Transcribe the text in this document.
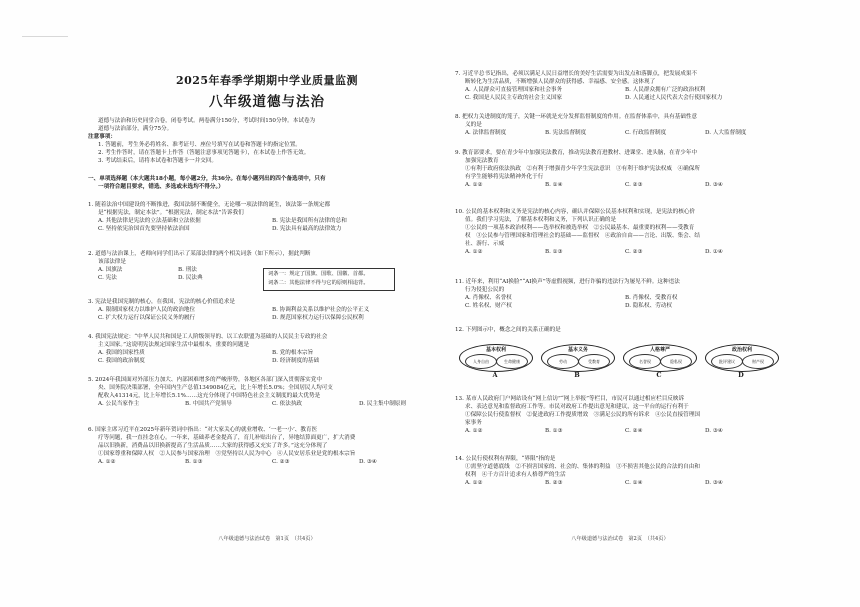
2025年春季学期期中学业质量监测
八年级道德与法治
道德与法治和历史同堂合卷，闭卷考试。两卷满分150分，考试时间150分钟。本试卷为
道德与法治部分，满分75分。
注意事项：
1. 答题前，考生务必将姓名、准考证号、座位号填写在试卷和答题卡的指定位置。
2. 考生作答时，请在答题卡上作答（答题注意事项见答题卡），在本试卷上作答无效。
3. 考试结束后，请将本试卷和答题卡一并交回。
一、单项选择题（本大题共18小题，每小题2分，共36分。在每小题列出的四个备选项中，只有
一项符合题目要求，错选、多选或未选均不得分。）
1. 随着法治中国建设的不断推进，我国法制不断健全，无论哪一项法律的诞生，该法第一条规定都
是“根据宪法，制定本法”。“根据宪法，制定本法”告诉我们
A. 其他法律是宪法的立法基础和立法依据	B. 宪法是我国所有法律的总和
C. 坚持依宪治国首先要坚持依法治国	D. 宪法具有最高的法律效力
2. 道德与法治课上，老师向同学们出示了某部法律的两个相关词条（如下所示），据此判断
该部法律是
A. 国旗法	B. 刑法
C. 宪法	D. 民法典
词条一：规定了国旗、国歌、国徽、首都。
词条二：其他法律不得与它的原则相违背。
3. 宪法是我国宪制的核心，在我国，宪法的核心价值追求是
A. 限制国家权力以维护人民的政治地位	B. 协调利益关系以维护社会的公平正义
C. 扩大权力运行以保证公民义务的履行	D. 规范国家权力运行以保障公民权利
4. 我国宪法规定：“中华人民共和国是工人阶级领导的、以工农联盟为基础的人民民主专政的社会
主义国家。”这说明宪法规定国家生活中最根本，重要的问题是
A. 我国的国家性质	B. 党的根本宗旨
C. 我国的政治制度	D. 经济制度的基础
5. 2024年我国面对外部压力加大、内部困难增多的严峻形势，各地区各部门深入贯彻落实党中
央、国务院决策部署，全年国内生产总值1349084亿元，比上年增长5.0%；全国居民人均可支
配收入41314元，比上年增长5.1%……这充分体现了中国特色社会主义制度的最大优势是
A. 公民当家作主	B. 中国共产党领导	C. 依法执政	D. 民主集中制原则
6. 国家主席习近平在2025年新年贺词中指出：“对大家关心的就业增收、‘一老一小’、教育医
疗等问题，我一直挂念在心。一年来，基础养老金提高了，育儿补贴出台了，异地结算面更广，扩大消费
品以旧换新，消费品以旧换新提高了生活品质……大家的获得感又充实了许多。”这充分体现了
①国家尊重和保障人权　②人民参与国家治理　③党坚持以人民为中心　④人民安居乐业是党的根本宗旨
A. ①②	B. ①③	C. ②③	D. ③④
八年级道德与法治试卷　第1页　（共4页）
7. 习近平总书记指出，必须以满足人民日益增长的美好生活需要为出发点和落脚点，把发展成果不
断转化为生活品质，不断增强人民群众的获得感、幸福感、安全感。这体现了
A. 人民群众可直接管理国家和社会事务	B. 人民群众拥有广泛的政治权利
C. 我国是人民民主专政的社会主义国家	D. 人民通过人民代表大会行使国家权力
8. 把权力关进制度的笼子，关键一环就是充分发挥监督制度的作用。在监督体系中，具有基础性意
义的是
A. 法律监督制度	B. 宪法监督制度	C. 行政监督制度	D. 人大监督制度
9. 教育部要求，要在青少年中加强宪法教育，推动宪法教育进教材、进课堂、进头脑，在青少年中
加强宪法教育
①有利于政府依法执政　②有利于增强青少年学生宪法意识　③有利于维护宪法权威　④确保所
有学生能够将宪法精神外化于行
A. ①②	B. ①④	C. ②③	D. ③④
10. 公民的基本权利和义务是宪法的核心内容，确认并保障公民基本权利和实现，是宪法的核心价
值。我们学习宪法，了解基本权利和义务，下列认识正确的是
①公民的一项基本政治权利——选举权和被选举权　②公民最基本、最重要的权利——受教育
权　③公民参与管理国家和管理社会的基础——监督权　④政治自由——言论、出版、集会、结
社、游行、示威
A. ①②	B. ①③	C. ②③	D. ①④
11. 近年来，利用“AI换脸”“AI换声”等虚假视频，进行诈骗的违法行为屡见不鲜。这种违法
行为侵犯公民的
A. 肖像权、名誉权	B. 肖像权、受教育权
C. 姓名权、财产权	D. 隐私权、劳动权
12. 下列图示中，概念之间的关系正确的是
基本权利
人身自由	生命健康
A
基本义务
劳动	受教育
B
人格尊严
名誉权	隐私权
C
政治权利
批评建议	财产权
D
13. 某市人民政府门户网站设有“网上信访”“网上举报”等栏目，市民可以通过相应栏目反映诉
求、表达意见和监督政府工作等。市民对政府工作提出意见和建议，这一平台的运行有利于
①保障公民行使监督权　②促进政府工作提质增效　③满足公民的所有诉求　④公民直接管理国
家事务
A. ①②	B. ①③	C. ②④	D. ③④
14. 公民行使权利有界限，“界限”指的是
①需坚守道德底线　②不损害国家的、社会的、集体的利益　③不损害其他公民的合法的自由和
权利　④千方百计追求有人格尊严的生活
A. ①②	B. ②③	C. ①④	D. ③④
八年级道德与法治试卷　第2页　（共4页）
